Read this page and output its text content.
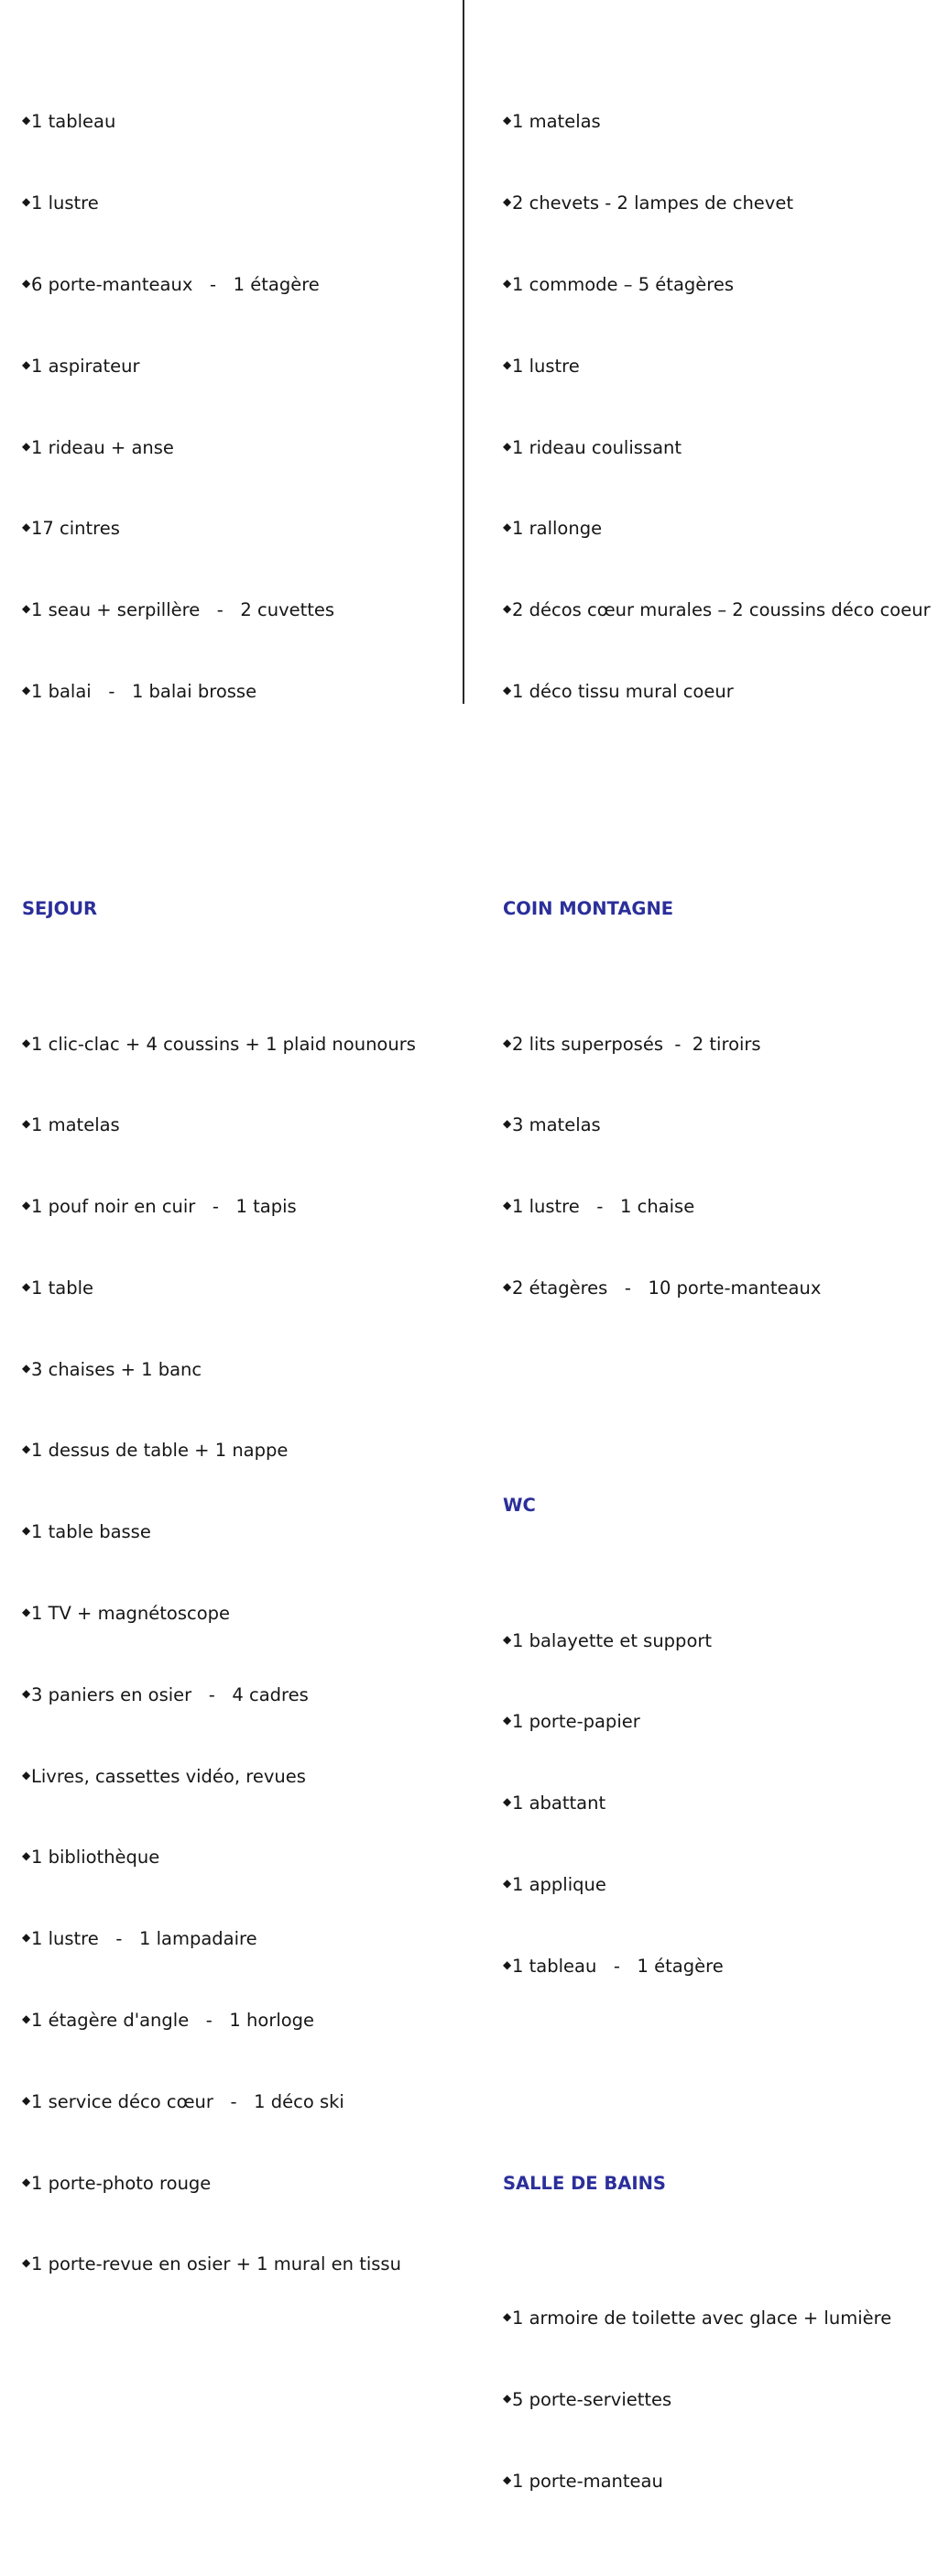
◆ 1 tableau

◆ 1 lustre

◆ 6 porte-manteaux   -   1 étagère

◆ 1 aspirateur

◆ 1 rideau + anse

◆ 17 cintres

◆ 1 seau + serpillère   -   2 cuvettes

◆ 1 balai   -   1 balai brosse

SEJOUR

◆ 1 clic-clac + 4 coussins + 1 plaid nounours

◆ 1 matelas

◆ 1 pouf noir en cuir   -   1 tapis

◆ 1 table

◆ 3 chaises + 1 banc

◆ 1 dessus de table + 1 nappe

◆ 1 table basse

◆ 1 TV + magnétoscope

◆ 3 paniers en osier   -   4 cadres

◆ Livres, cassettes vidéo, revues

◆ 1 bibliothèque

◆ 1 lustre   -   1 lampadaire

◆ 1 étagère d'angle   -   1 horloge

◆ 1 service déco cœur   -   1 déco ski

◆ 1 porte-photo rouge

◆ 1 porte-revue en osier + 1 mural en tissu

◆ 1 matelas

◆ 2 chevets - 2 lampes de chevet

◆ 1 commode – 5 étagères

◆ 1 lustre

◆ 1 rideau coulissant

◆ 1 rallonge

◆ 2 décos cœur murales – 2 coussins déco coeur

◆ 1 déco tissu mural coeur

COIN MONTAGNE

◆ 2 lits superposés  -  2 tiroirs

◆ 3 matelas

◆ 1 lustre   -   1 chaise

◆ 2 étagères   -   10 porte-manteaux

WC

◆ 1 balayette et support

◆ 1 porte-papier

◆ 1 abattant

◆ 1 applique

◆ 1 tableau   -   1 étagère

SALLE DE BAINS

◆ 1 armoire de toilette avec glace + lumière

◆ 5 porte-serviettes

◆ 1 porte-manteau
